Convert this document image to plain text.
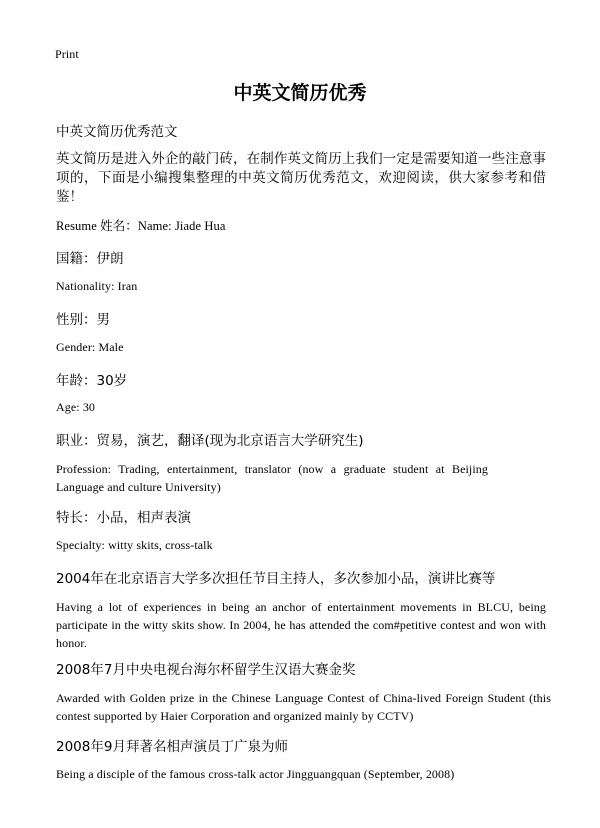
Print

中英文简历优秀

中英文简历优秀范文

英文简历是进入外企的敲门砖，在制作英文简历上我们一定是需要知道一些注意事项的，下面是小编搜集整理的中英文简历优秀范文，欢迎阅读，供大家参考和借鉴！

Resume 姓名：Name: Jiade Hua

国籍：伊朗

Nationality: Iran

性别：男

Gender: Male

年龄：30岁

Age: 30

职业：贸易，演艺，翻译(现为北京语言大学研究生)

Profession: Trading, entertainment, translator (now a graduate student at Beijing Language and culture University)

特长：小品，相声表演

Specialty: witty skits, cross-talk

2004年在北京语言大学多次担任节目主持人，多次参加小品，演讲比赛等

Having a lot of experiences in being an anchor of entertainment movements in BLCU, being participate in the witty skits show. In 2004, he has attended the com#petitive contest and won with honor.

2008年7月中央电视台海尔杯留学生汉语大赛金奖

Awarded with Golden prize in the Chinese Language Contest of China-lived Foreign Student (this contest supported by Haier Corporation and organized mainly by CCTV)

2008年9月拜著名相声演员丁广泉为师

Being a disciple of the famous cross-talk actor Jingguangquan (September, 2008)
